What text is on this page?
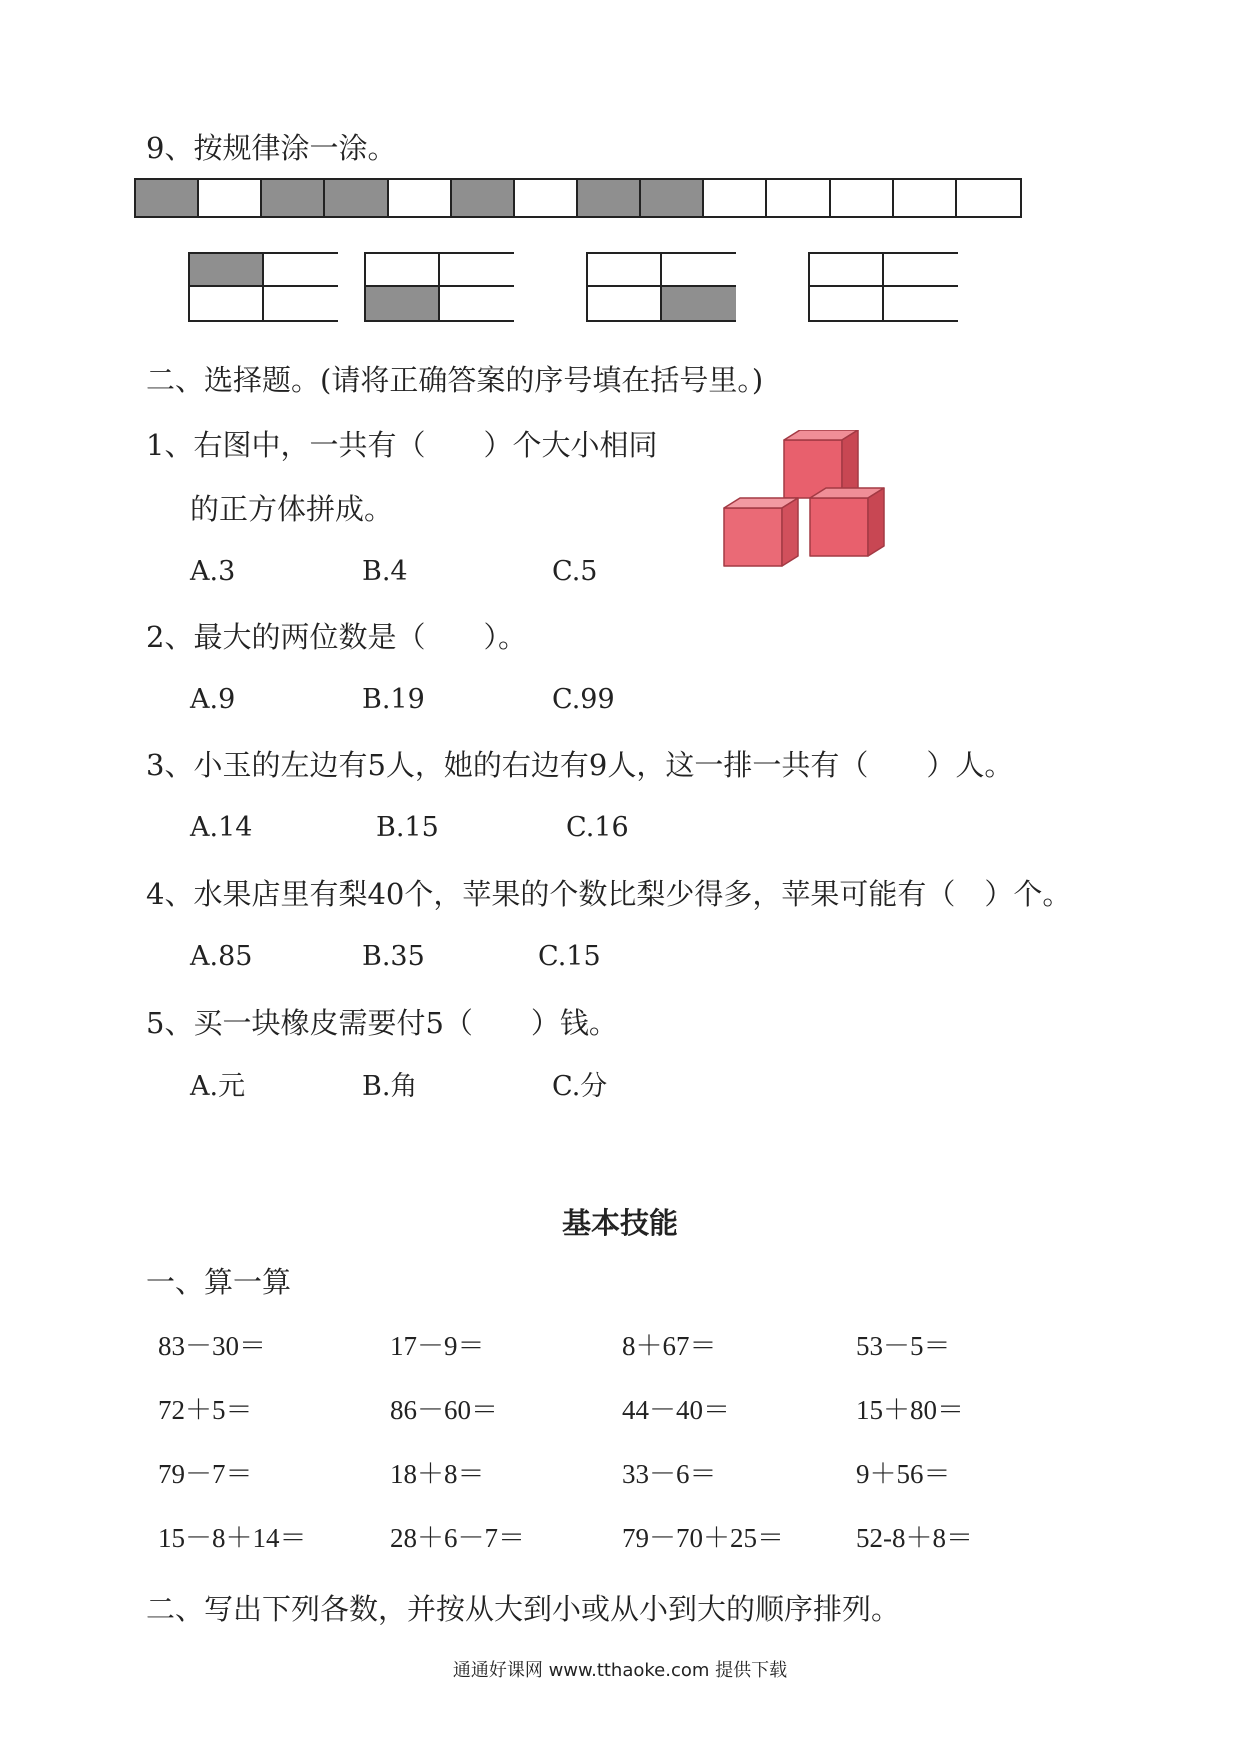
9、按规律涂一涂。
二、选择题。(请将正确答案的序号填在括号里。)
1、右图中，一共有（　　）个大小相同
的正方体拼成。
A.3	B.4	C.5
2、最大的两位数是（　　）。
A.9	B.19	C.99
3、小玉的左边有5人，她的右边有9人，这一排一共有（　　）人。
A.14	B.15	C.16
4、水果店里有梨40个，苹果的个数比梨少得多，苹果可能有（　）个。
A.85	B.35	C.15
5、买一块橡皮需要付5（　　）钱。
A.元	B.角	C.分
基本技能
一、算一算
83－30＝	17－9＝	8＋67＝	53－5＝
72＋5＝	86－60＝	44－40＝	15＋80＝
79－7＝	18＋8＝	33－6＝	9＋56＝
15－8＋14＝	28＋6－7＝	79－70＋25＝	52-8＋8＝
二、写出下列各数，并按从大到小或从小到大的顺序排列。
通通好课网 www.tthaoke.com 提供下载
